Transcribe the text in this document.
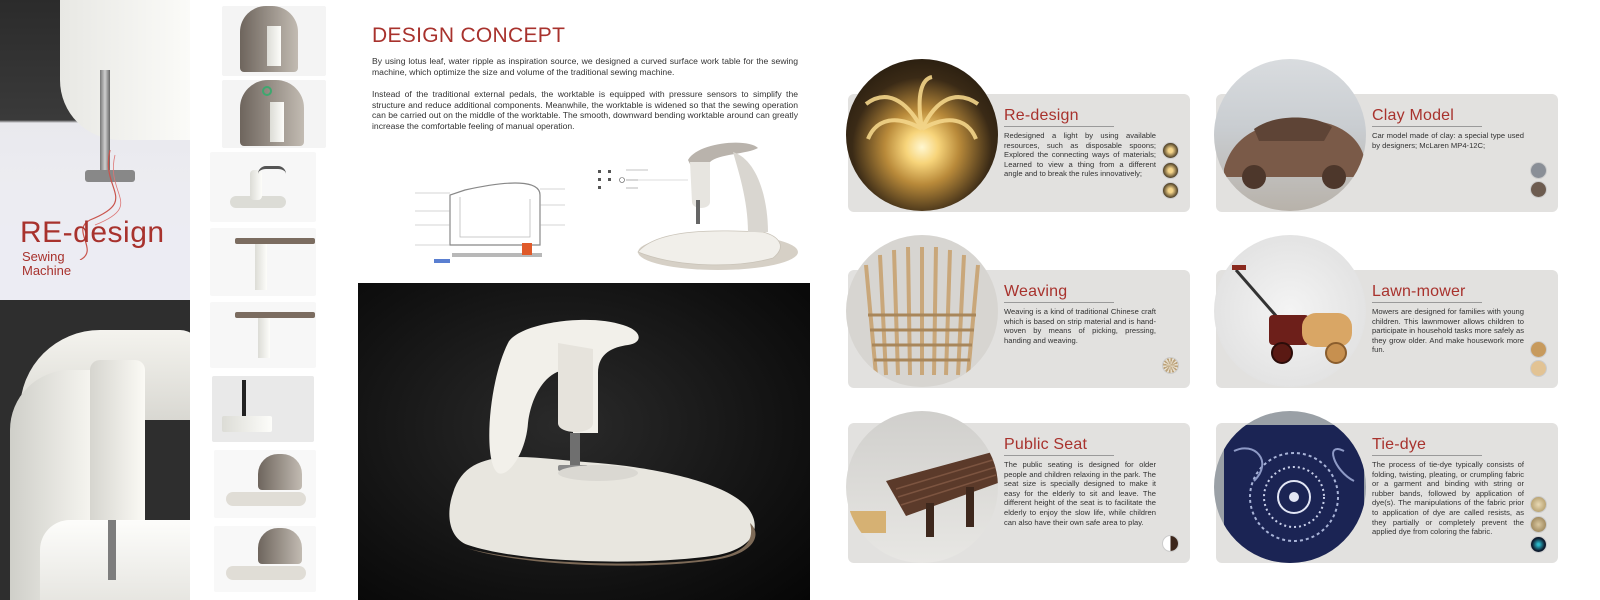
RE-design
Sewing
Machine
DESIGN CONCEPT
By using lotus leaf, water ripple as inspiration source, we designed a curved surface work table for the sewing machine, which optimize the size and volume of the traditional sewing machine.
Instead of the traditional external pedals, the worktable is equipped with pressure sensors to simplify the structure and reduce additional components. Meanwhile, the worktable is widened so that the sewing operation can be carried out on the middle of the worktable. The smooth, downward bending worktable around can greatly increase the comfortable feeling of manual operation.
Re-design
Redesigned a light by using available resources, such as disposable spoons; Explored the connecting ways of materials; Learned to view a thing from a different angle and to break the rules innovatively;
Clay Model
Car model made of clay: a special type used by designers; McLaren MP4-12C;
Weaving
Weaving is a kind of traditional Chinese craft which is based on strip material and is hand-woven by means of picking, pressing, handing and weaving.
Lawn-mower
Mowers are designed for families with young children. This lawnmower allows children to participate in household tasks more safely as they grow older. And make housework more fun.
Public Seat
The public seating is designed for older people and children relaxing in the park. The seat size is specially designed to make it easy for the elderly to sit and leave. The different height of the seat is to facilitate the elderly to enjoy the slow life, while children can also have their own safe area to play.
Tie-dye
The process of tie-dye typically consists of folding, twisting, pleating, or crumpling fabric or a garment and binding with string or rubber bands, followed by application of dye(s). The manipulations of the fabric prior to application of dye are called resists, as they partially or completely prevent the applied dye from coloring the fabric.
